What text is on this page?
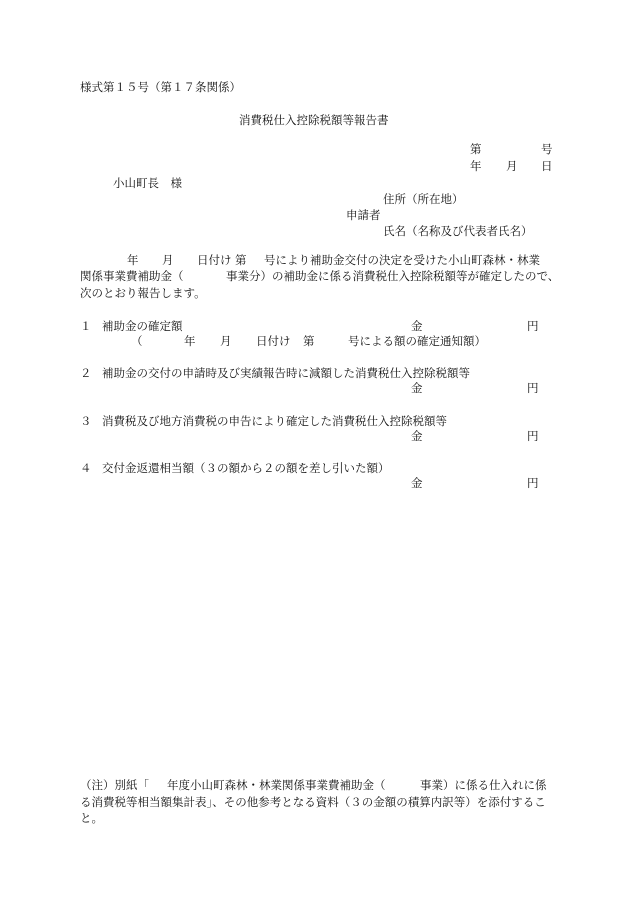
様式第１５号（第１７条関係）
消費税仕入控除税額等報告書
第	号
年 月 日
小山町長　様
住所（所在地）
申請者
氏名（名称及び代表者氏名）
年 月 日付け 第 号により補助金交付の決定を受けた小山町森林・林業
関係事業費補助金（	事業分）の補助金に係る消費税仕入控除税額等が確定したので、
次のとおり報告します。
１ 補助金の確定額	金	円
（	年 月 日付け 第	号による額の確定通知額）
２ 補助金の交付の申請時及び実績報告時に減額した消費税仕入控除税額等
金	円
３ 消費税及び地方消費税の申告により確定した消費税仕入控除税額等
金	円
４ 交付金返還相当額（３の額から２の額を差し引いた額）
金	円
（注）別紙「 年度小山町森林・林業関係事業費補助金（	事業）に係る仕入れに係
る消費税等相当額集計表」、その他参考となる資料（３の金額の積算内訳等）を添付するこ
と。
